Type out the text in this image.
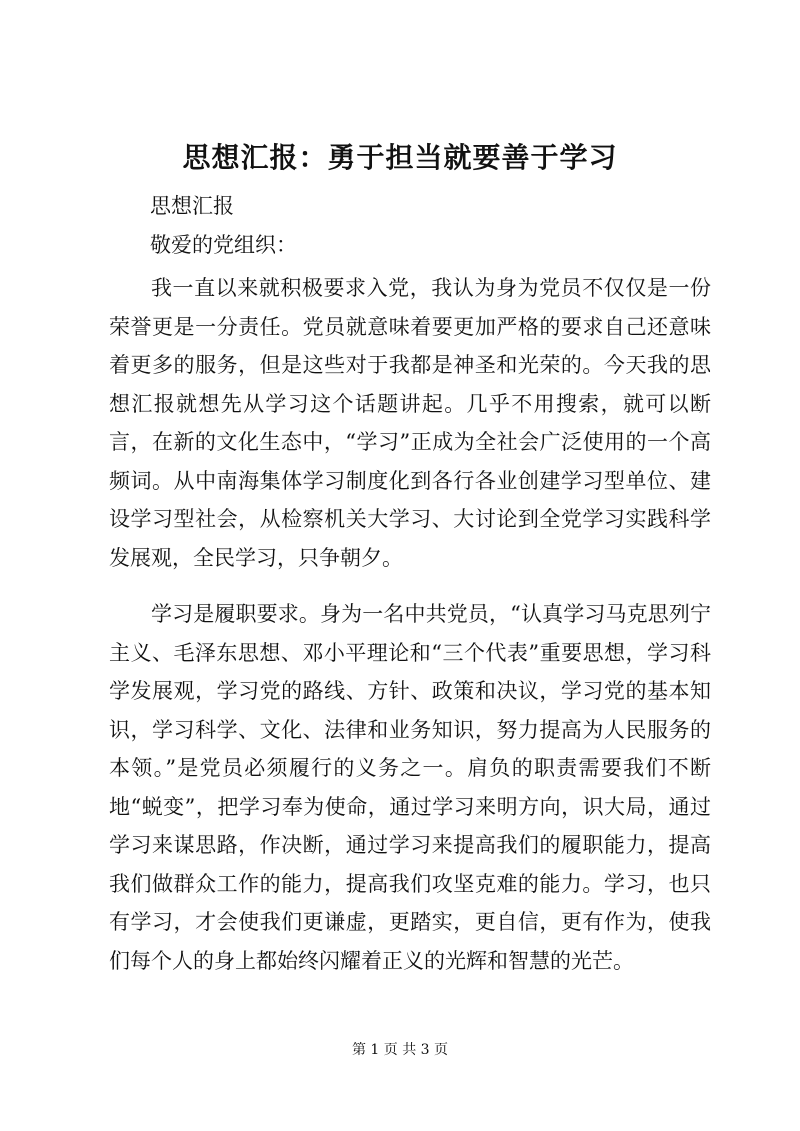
思想汇报：勇于担当就要善于学习

思想汇报

敬爱的党组织：

我一直以来就积极要求入党，我认为身为党员不仅仅是一份荣誉更是一分责任。党员就意味着要更加严格的要求自己还意味着更多的服务，但是这些对于我都是神圣和光荣的。今天我的思想汇报就想先从学习这个话题讲起。几乎不用搜索，就可以断言，在新的文化生态中，“学习”正成为全社会广泛使用的一个高频词。从中南海集体学习制度化到各行各业创建学习型单位、建设学习型社会，从检察机关大学习、大讨论到全党学习实践科学发展观，全民学习，只争朝夕。

学习是履职要求。身为一名中共党员，“认真学习马克思列宁主义、毛泽东思想、邓小平理论和“三个代表”重要思想，学习科学发展观，学习党的路线、方针、政策和决议，学习党的基本知识，学习科学、文化、法律和业务知识，努力提高为人民服务的本领。”是党员必须履行的义务之一。肩负的职责需要我们不断地“蜕变”，把学习奉为使命，通过学习来明方向，识大局，通过学习来谋思路，作决断，通过学习来提高我们的履职能力，提高我们做群众工作的能力，提高我们攻坚克难的能力。学习，也只有学习，才会使我们更谦虚，更踏实，更自信，更有作为，使我们每个人的身上都始终闪耀着正义的光辉和智慧的光芒。

第 1 页 共 3 页
